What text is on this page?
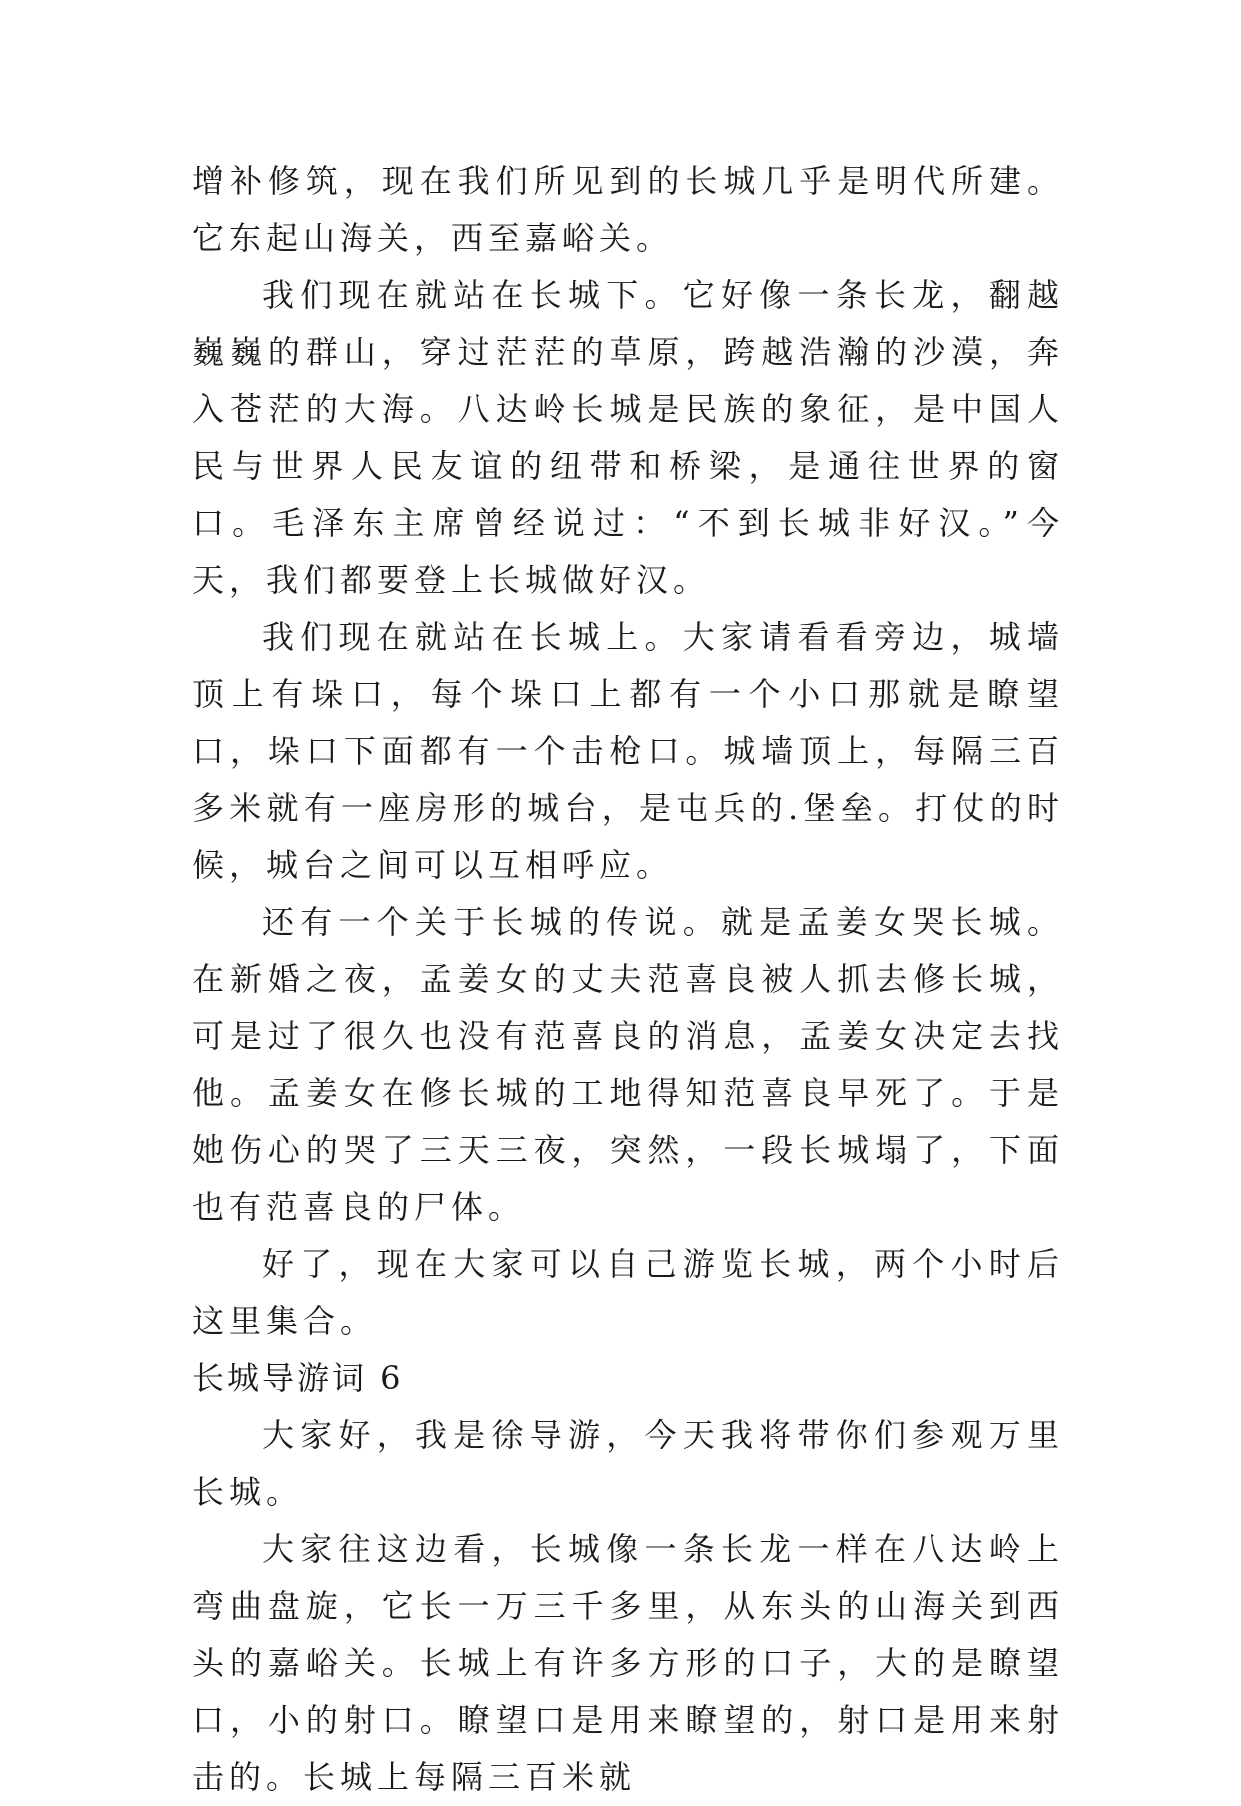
增补修筑，现在我们所见到的长城几乎是明代所建。它东起山海关，西至嘉峪关。

我们现在就站在长城下。它好像一条长龙，翻越巍巍的群山，穿过茫茫的草原，跨越浩瀚的沙漠，奔入苍茫的大海。八达岭长城是民族的象征，是中国人民与世界人民友谊的纽带和桥梁，是通往世界的窗口。毛泽东主席曾经说过：“不到长城非好汉。”今天，我们都要登上长城做好汉。

我们现在就站在长城上。大家请看看旁边，城墙顶上有垛口，每个垛口上都有一个小口那就是瞭望口，垛口下面都有一个击枪口。城墙顶上，每隔三百多米就有一座房形的城台，是屯兵的.堡垒。打仗的时候，城台之间可以互相呼应。

还有一个关于长城的传说。就是孟姜女哭长城。在新婚之夜，孟姜女的丈夫范喜良被人抓去修长城，可是过了很久也没有范喜良的消息，孟姜女决定去找他。孟姜女在修长城的工地得知范喜良早死了。于是她伤心的哭了三天三夜，突然，一段长城塌了，下面也有范喜良的尸体。

好了，现在大家可以自己游览长城，两个小时后这里集合。

长城导游词 6

大家好，我是徐导游，今天我将带你们参观万里长城。

大家往这边看，长城像一条长龙一样在八达岭上弯曲盘旋，它长一万三千多里，从东头的山海关到西头的嘉峪关。长城上有许多方形的口子，大的是瞭望口，小的射口。瞭望口是用来瞭望的，射口是用来射击的。长城上每隔三百米就
